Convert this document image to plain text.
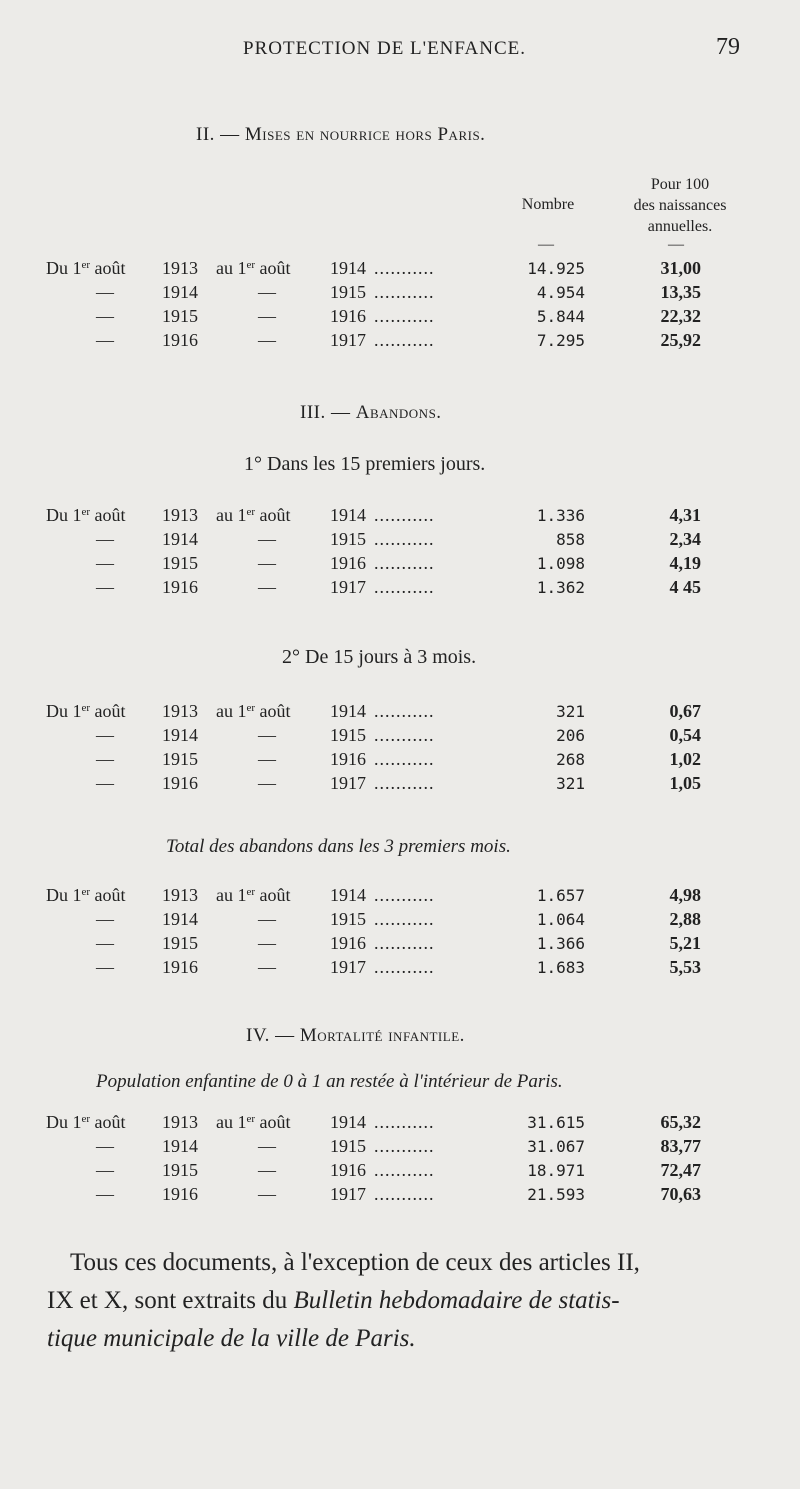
PROTECTION DE L'ENFANCE.	79
II. — Mises en nourrice hors Paris.
Nombre
Pour 100
des naissances
annuelles.
—	―
Du 1er août 1913 au 1er août 1914 ...........	14.925	31,00
—	1914	—	1915 ...........	4.954	13,35
—	1915	—	1916 ...........	5.844	22,32
—	1916	—	1917 ...........	7.295	25,92
III. — Abandons.
1° Dans les 15 premiers jours.
Du 1er août 1913 au 1er août 1914 ...........	1.336	4,31
—	1914	—	1915 ...........	858	2,34
—	1915	—	1916 ...........	1.098	4,19
—	1916	—	1917 ...........	1.362	4 45
2° De 15 jours à 3 mois.
Du 1er août 1913 au 1er août 1914 ...........	321	0,67
—	1914	—	1915 ...........	206	0,54
—	1915	—	1916 ...........	268	1,02
—	1916	—	1917 ...........	321	1,05
Total des abandons dans les 3 premiers mois.
Du 1er août 1913 au 1er août 1914 ...........	1.657	4,98
—	1914	—	1915 ...........	1.064	2,88
—	1915	—	1916 ...........	1.366	5,21
—	1916	—	1917 ...........	1.683	5,53
IV. — Mortalité infantile.
Population enfantine de 0 à 1 an restée à l'intérieur de Paris.
Du 1er août 1913 au 1er août 1914 ...........	31.615	65,32
—	1914	—	1915 ...........	31.067	83,77
—	1915	—	1916 ...........	18.971	72,47
—	1916	—	1917 ...........	21.593	70,63
Tous ces documents, à l'exception de ceux des articles II,
IX et X, sont extraits du Bulletin hebdomadaire de statis-
tique municipale de la ville de Paris.
